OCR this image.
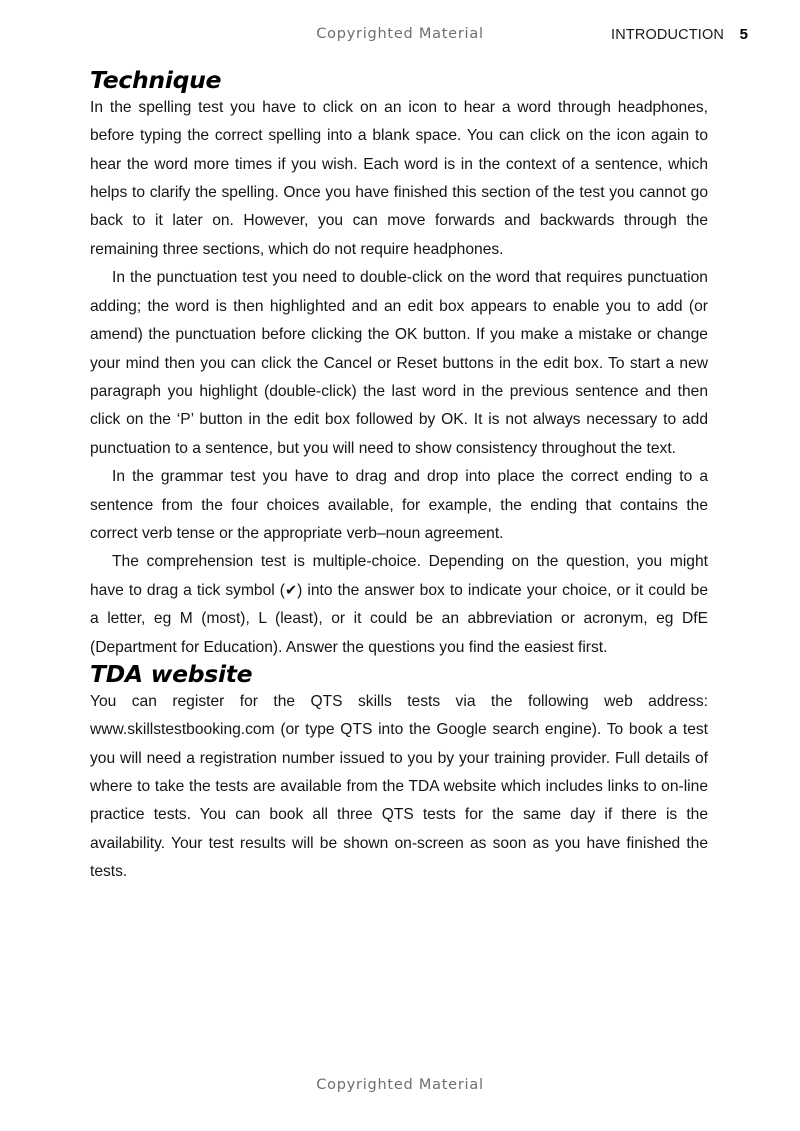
Copyrighted Material	INTRODUCTION 5
Technique

In the spelling test you have to click on an icon to hear a word through headphones, before typing the correct spelling into a blank space. You can click on the icon again to hear the word more times if you wish. Each word is in the context of a sentence, which helps to clarify the spelling. Once you have finished this section of the test you cannot go back to it later on. However, you can move forwards and backwards through the remaining three sections, which do not require headphones.

In the punctuation test you need to double-click on the word that requires punctuation adding; the word is then highlighted and an edit box appears to enable you to add (or amend) the punctuation before clicking the OK button. If you make a mistake or change your mind then you can click the Cancel or Reset buttons in the edit box. To start a new paragraph you highlight (double-click) the last word in the previous sentence and then click on the ‘P’ button in the edit box followed by OK. It is not always necessary to add punctuation to a sentence, but you will need to show consistency throughout the text.

In the grammar test you have to drag and drop into place the correct ending to a sentence from the four choices available, for example, the ending that contains the correct verb tense or the appropriate verb–noun agreement.

The comprehension test is multiple-choice. Depending on the question, you might have to drag a tick symbol (✔) into the answer box to indicate your choice, or it could be a letter, eg M (most), L (least), or it could be an abbreviation or acronym, eg DfE (Department for Education). Answer the questions you find the easiest first.

TDA website

You can register for the QTS skills tests via the following web address: www.skillstestbooking.com (or type QTS into the Google search engine). To book a test you will need a registration number issued to you by your training provider. Full details of where to take the tests are available from the TDA website which includes links to on-line practice tests. You can book all three QTS tests for the same day if there is the availability. Your test results will be shown on-screen as soon as you have finished the tests.

Copyrighted Material
